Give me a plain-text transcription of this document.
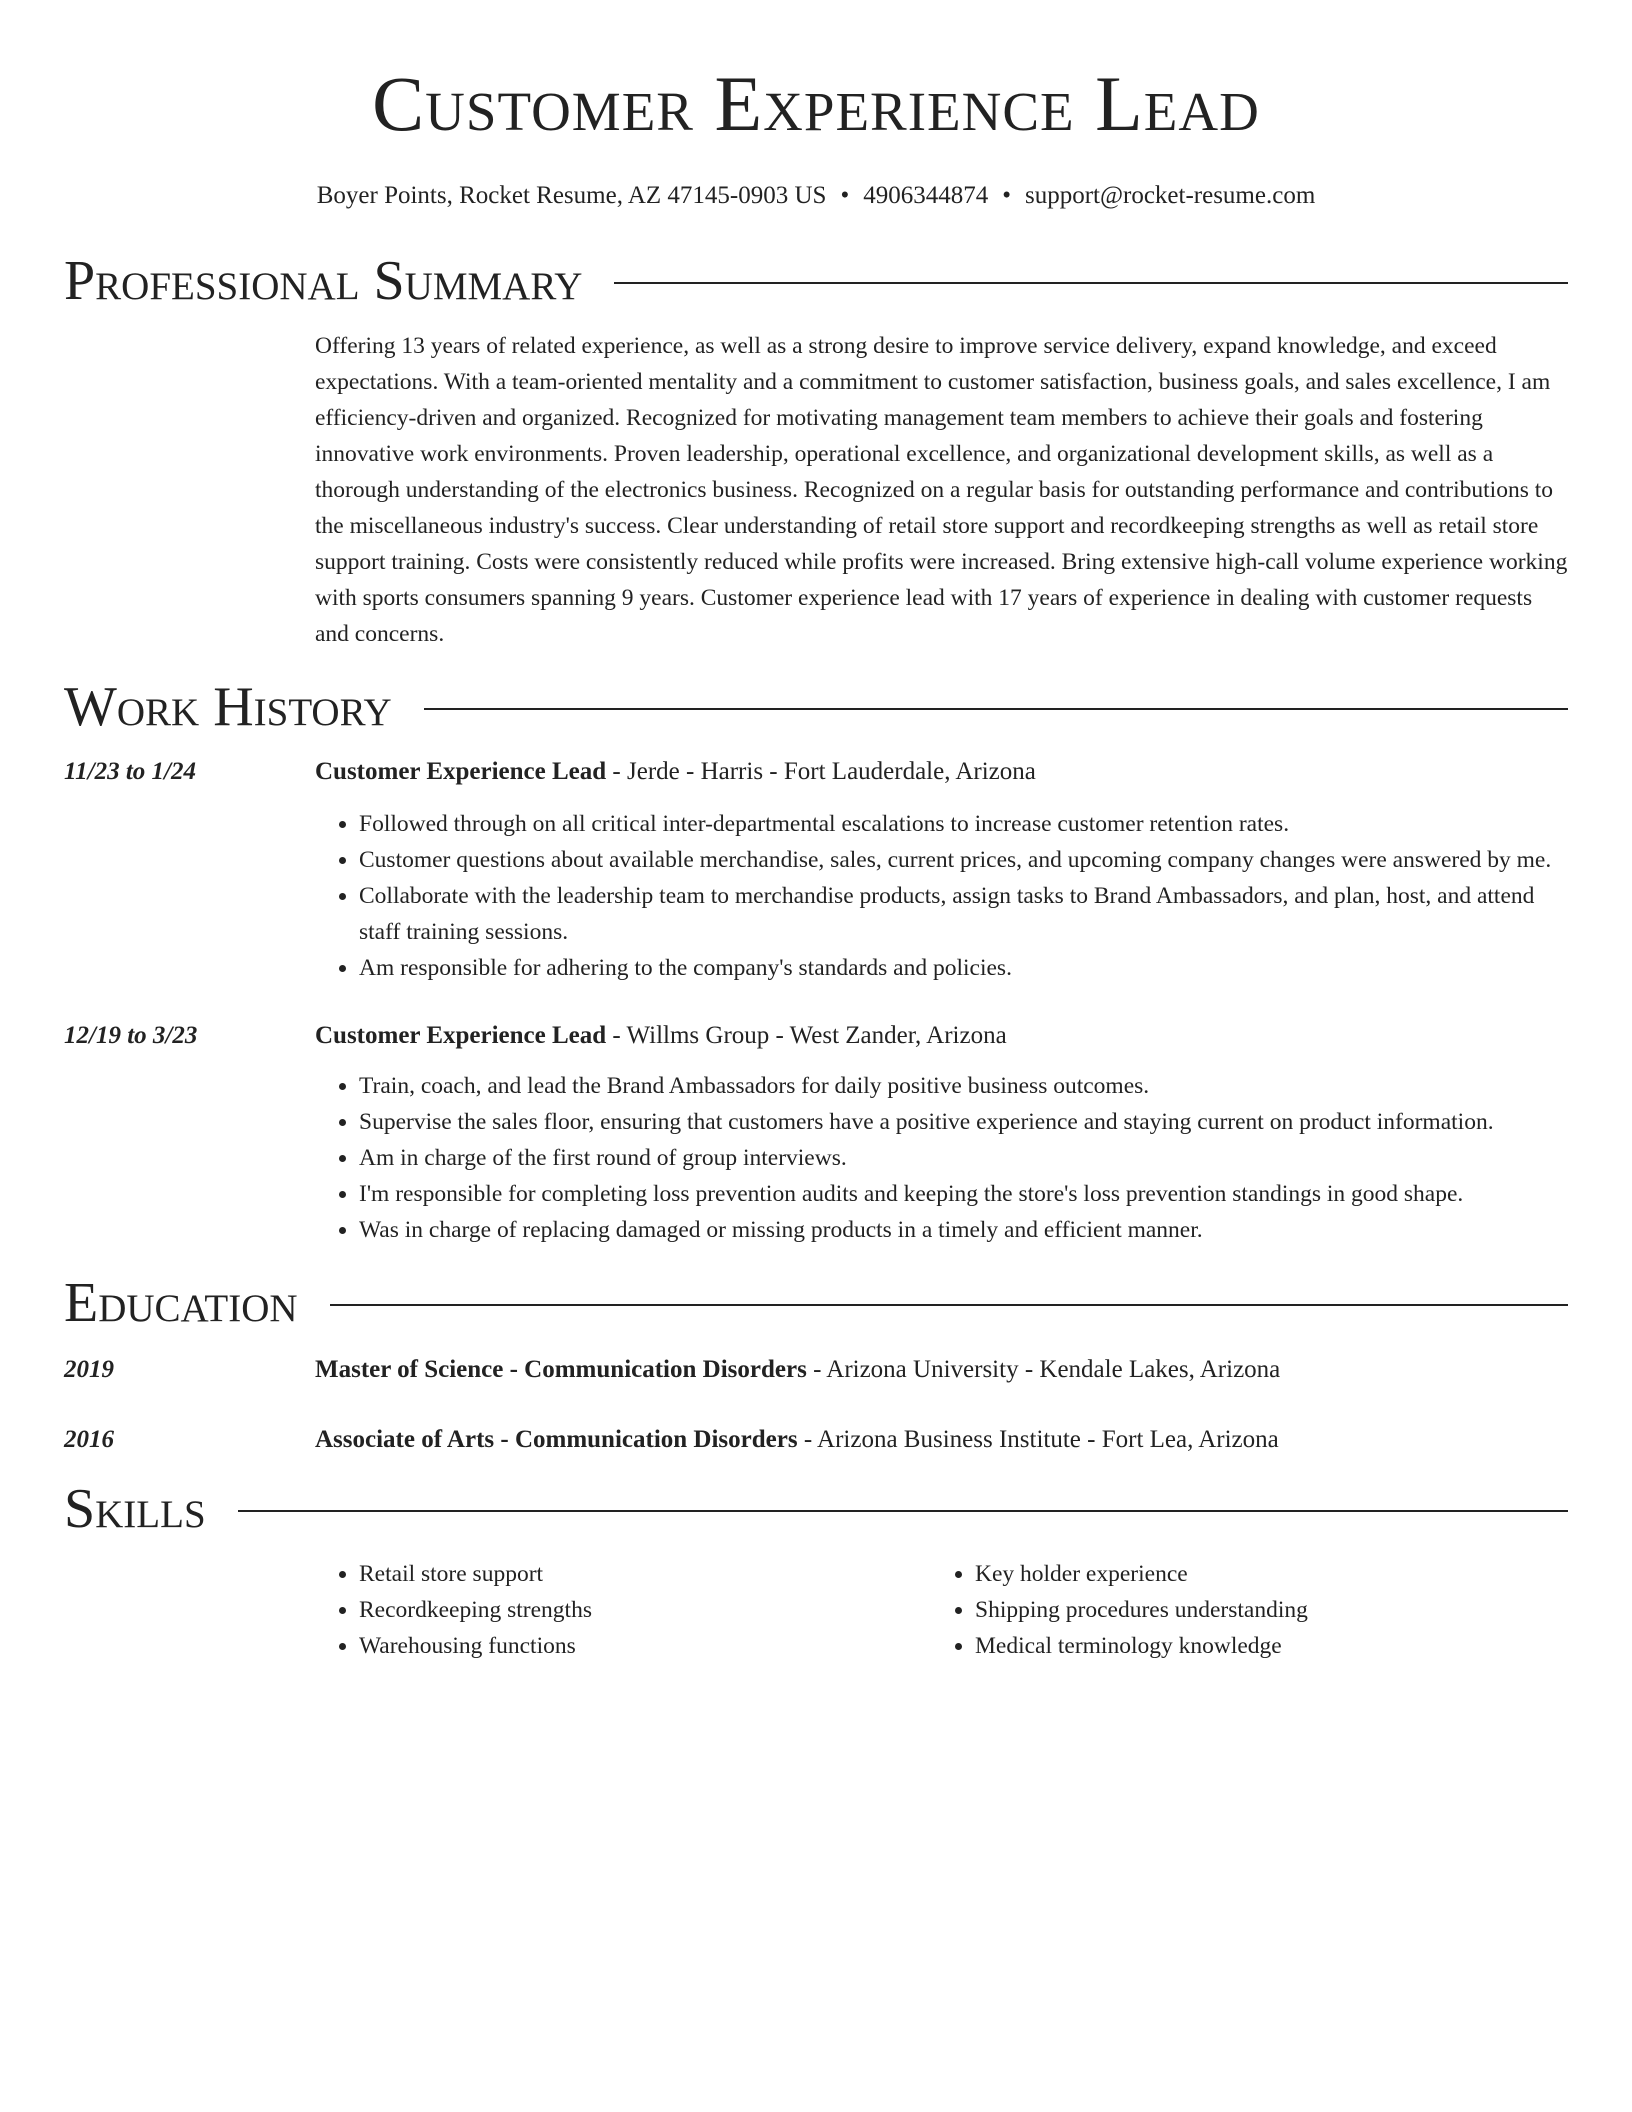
Customer Experience Lead
Boyer Points, Rocket Resume, AZ 47145-0903 US • 4906344874 • support@rocket-resume.com
Professional Summary

Offering 13 years of related experience, as well as a strong desire to improve service delivery, expand knowledge, and exceed expectations. With a team-oriented mentality and a commitment to customer satisfaction, business goals, and sales excellence, I am efficiency-driven and organized. Recognized for motivating management team members to achieve their goals and fostering innovative work environments. Proven leadership, operational excellence, and organizational development skills, as well as a thorough understanding of the electronics business. Recognized on a regular basis for outstanding performance and contributions to the miscellaneous industry's success. Clear understanding of retail store support and recordkeeping strengths as well as retail store support training. Costs were consistently reduced while profits were increased. Bring extensive high-call volume experience working with sports consumers spanning 9 years. Customer experience lead with 17 years of experience in dealing with customer requests and concerns.

Work History
11/23 to 1/24	Customer Experience Lead - Jerde - Harris - Fort Lauderdale, Arizona
• Followed through on all critical inter-departmental escalations to increase customer retention rates.
• Customer questions about available merchandise, sales, current prices, and upcoming company changes were answered by me.
• Collaborate with the leadership team to merchandise products, assign tasks to Brand Ambassadors, and plan, host, and attend staff training sessions.
• Am responsible for adhering to the company's standards and policies.
12/19 to 3/23	Customer Experience Lead - Willms Group - West Zander, Arizona
• Train, coach, and lead the Brand Ambassadors for daily positive business outcomes.
• Supervise the sales floor, ensuring that customers have a positive experience and staying current on product information.
• Am in charge of the first round of group interviews.
• I'm responsible for completing loss prevention audits and keeping the store's loss prevention standings in good shape.
• Was in charge of replacing damaged or missing products in a timely and efficient manner.
Education
2019	Master of Science - Communication Disorders - Arizona University - Kendale Lakes, Arizona
2016	Associate of Arts - Communication Disorders - Arizona Business Institute - Fort Lea, Arizona
Skills
• Retail store support
• Recordkeeping strengths
• Warehousing functions
• Key holder experience
• Shipping procedures understanding
• Medical terminology knowledge
